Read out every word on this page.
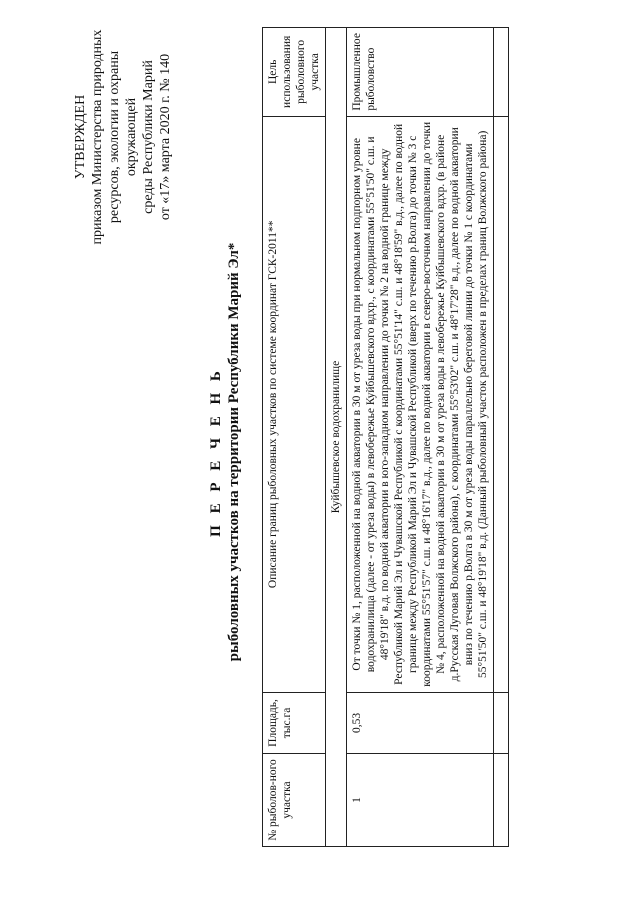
УТВЕРЖДЕН приказом Министерства природных ресурсов, экологии и охраны окружающей среды Республики Марий от «17» марта 2020 г. № 140
П Е Р Е Ч Е Н Ь рыболовных участков на территории Республики Марий Эл*
№ рыболов-ного участка	Площадь, тыс.га	Описание границ рыболовных участков по системе координат ГСК-2011**	Цель использования рыболовного участка
Куйбышевское водохранилище			
1	0,53	От точки № 1, расположенной на водной акватории в 30 м от уреза воды при нормальном подпорном уровне водохранилища (далее - от уреза воды) в левобережье Куйбышевского вдхр., с координатами 55°51'50" с.ш. и 48°19'18" в.д. по водной акватории в юго-западном направлении до точки № 2 на водной границе между Республикой Марий Эл и Чувашской Республикой с координатами 55°51'14" с.ш. и 48°18'59" в.д., далее по водной границе между Республикой Марий Эл и Чувашской Республикой (вверх по течению р.Волга) до точки № 3 с координатами 55°51'57" с.ш. и 48°16'17" в.д., далее по водной акватории в северо-восточном направлении до точки № 4, расположенной на водной акватории в 30 м от уреза воды в левобережье Куйбышевского вдхр. (в районе д.Русская Луговая Волжского района), с координатами 55°53'02" с.ш. и 48°17'28" в.д., далее по водной акватории вниз по течению р.Волга в 30 м от уреза воды параллельно береговой линии до точки № 1 с координатами 55°51'50" с.ш. и 48°19'18" в.д. (Данный рыболовный участок расположен в пределах границ Волжского района)	Промышленное рыболовство
